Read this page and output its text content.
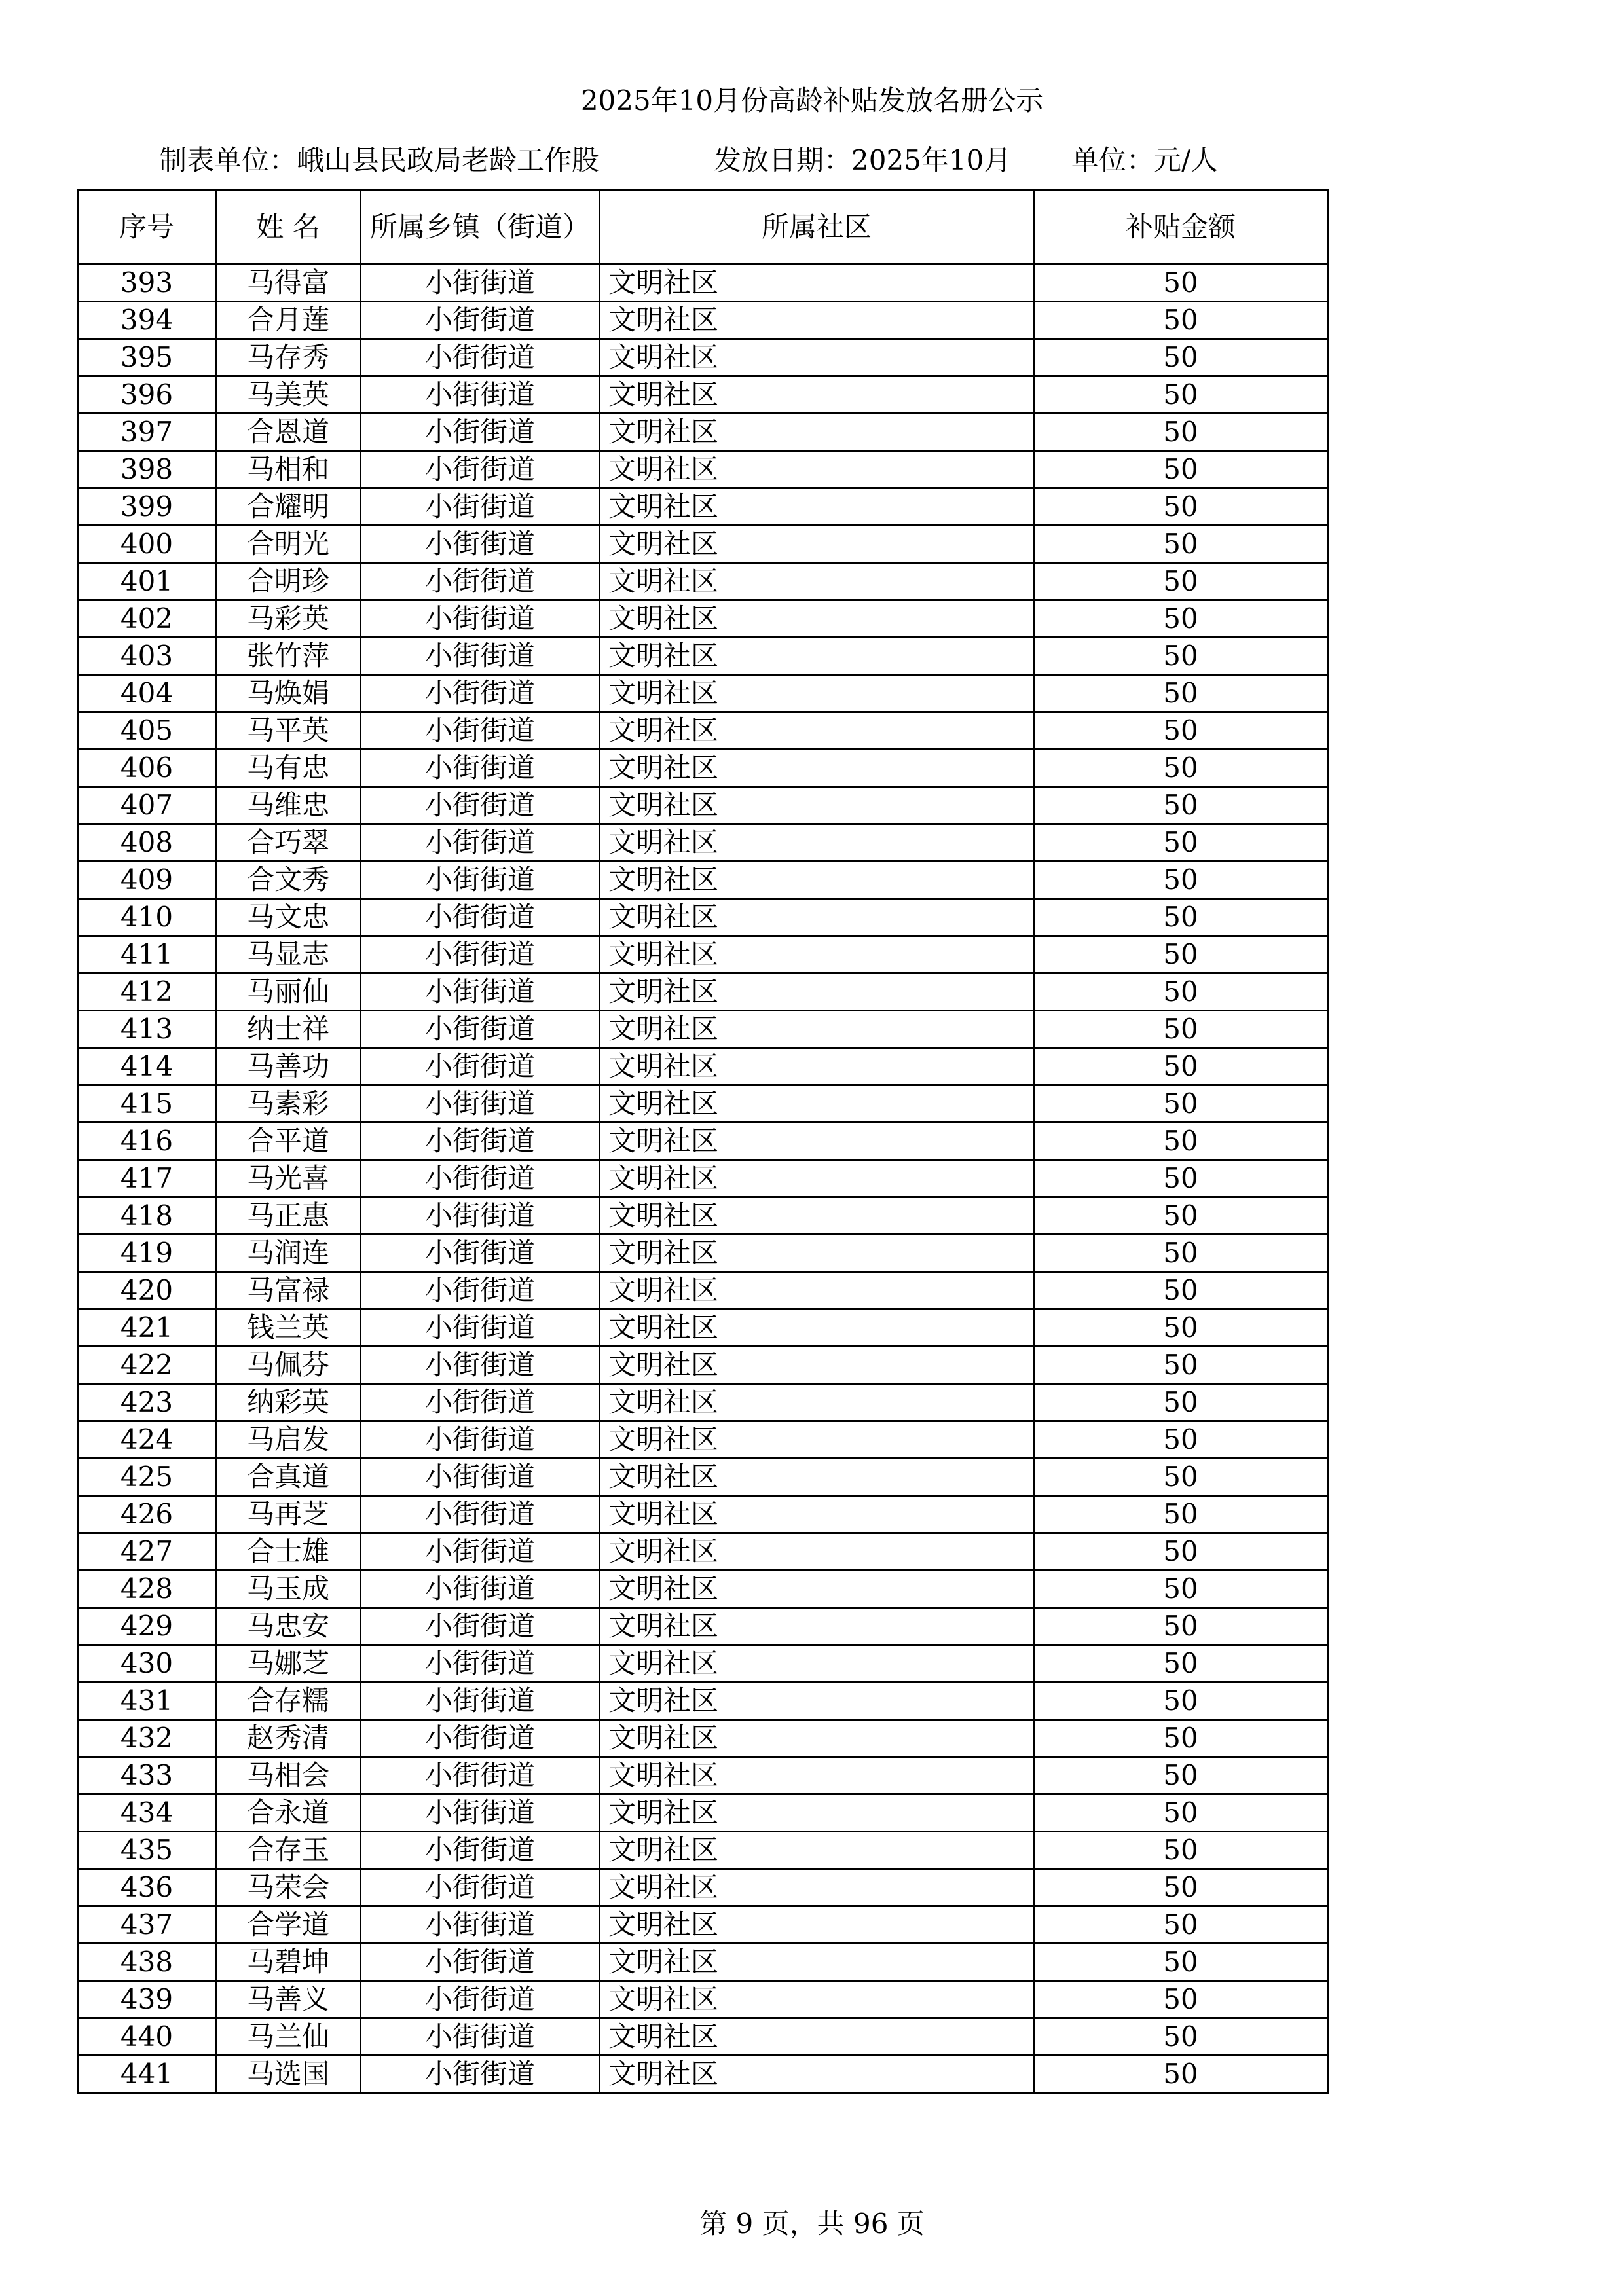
2025年10月份高龄补贴发放名册公示
制表单位：峨山县民政局老龄工作股	发放日期：2025年10月 单位：元/人
序号	姓 名	所属乡镇（街道）	所属社区	补贴金额
393	马得富	小街街道	文明社区	50
394	合月莲	小街街道	文明社区	50
395	马存秀	小街街道	文明社区	50
396	马美英	小街街道	文明社区	50
397	合恩道	小街街道	文明社区	50
398	马相和	小街街道	文明社区	50
399	合耀明	小街街道	文明社区	50
400	合明光	小街街道	文明社区	50
401	合明珍	小街街道	文明社区	50
402	马彩英	小街街道	文明社区	50
403	张竹萍	小街街道	文明社区	50
404	马焕娟	小街街道	文明社区	50
405	马平英	小街街道	文明社区	50
406	马有忠	小街街道	文明社区	50
407	马维忠	小街街道	文明社区	50
408	合巧翠	小街街道	文明社区	50
409	合文秀	小街街道	文明社区	50
410	马文忠	小街街道	文明社区	50
411	马显志	小街街道	文明社区	50
412	马丽仙	小街街道	文明社区	50
413	纳士祥	小街街道	文明社区	50
414	马善功	小街街道	文明社区	50
415	马素彩	小街街道	文明社区	50
416	合平道	小街街道	文明社区	50
417	马光喜	小街街道	文明社区	50
418	马正惠	小街街道	文明社区	50
419	马润连	小街街道	文明社区	50
420	马富禄	小街街道	文明社区	50
421	钱兰英	小街街道	文明社区	50
422	马佩芬	小街街道	文明社区	50
423	纳彩英	小街街道	文明社区	50
424	马启发	小街街道	文明社区	50
425	合真道	小街街道	文明社区	50
426	马再芝	小街街道	文明社区	50
427	合士雄	小街街道	文明社区	50
428	马玉成	小街街道	文明社区	50
429	马忠安	小街街道	文明社区	50
430	马娜芝	小街街道	文明社区	50
431	合存糯	小街街道	文明社区	50
432	赵秀清	小街街道	文明社区	50
433	马相会	小街街道	文明社区	50
434	合永道	小街街道	文明社区	50
435	合存玉	小街街道	文明社区	50
436	马荣会	小街街道	文明社区	50
437	合学道	小街街道	文明社区	50
438	马碧坤	小街街道	文明社区	50
439	马善义	小街街道	文明社区	50
440	马兰仙	小街街道	文明社区	50
441	马选国	小街街道	文明社区	50
第 9 页，共 96 页
